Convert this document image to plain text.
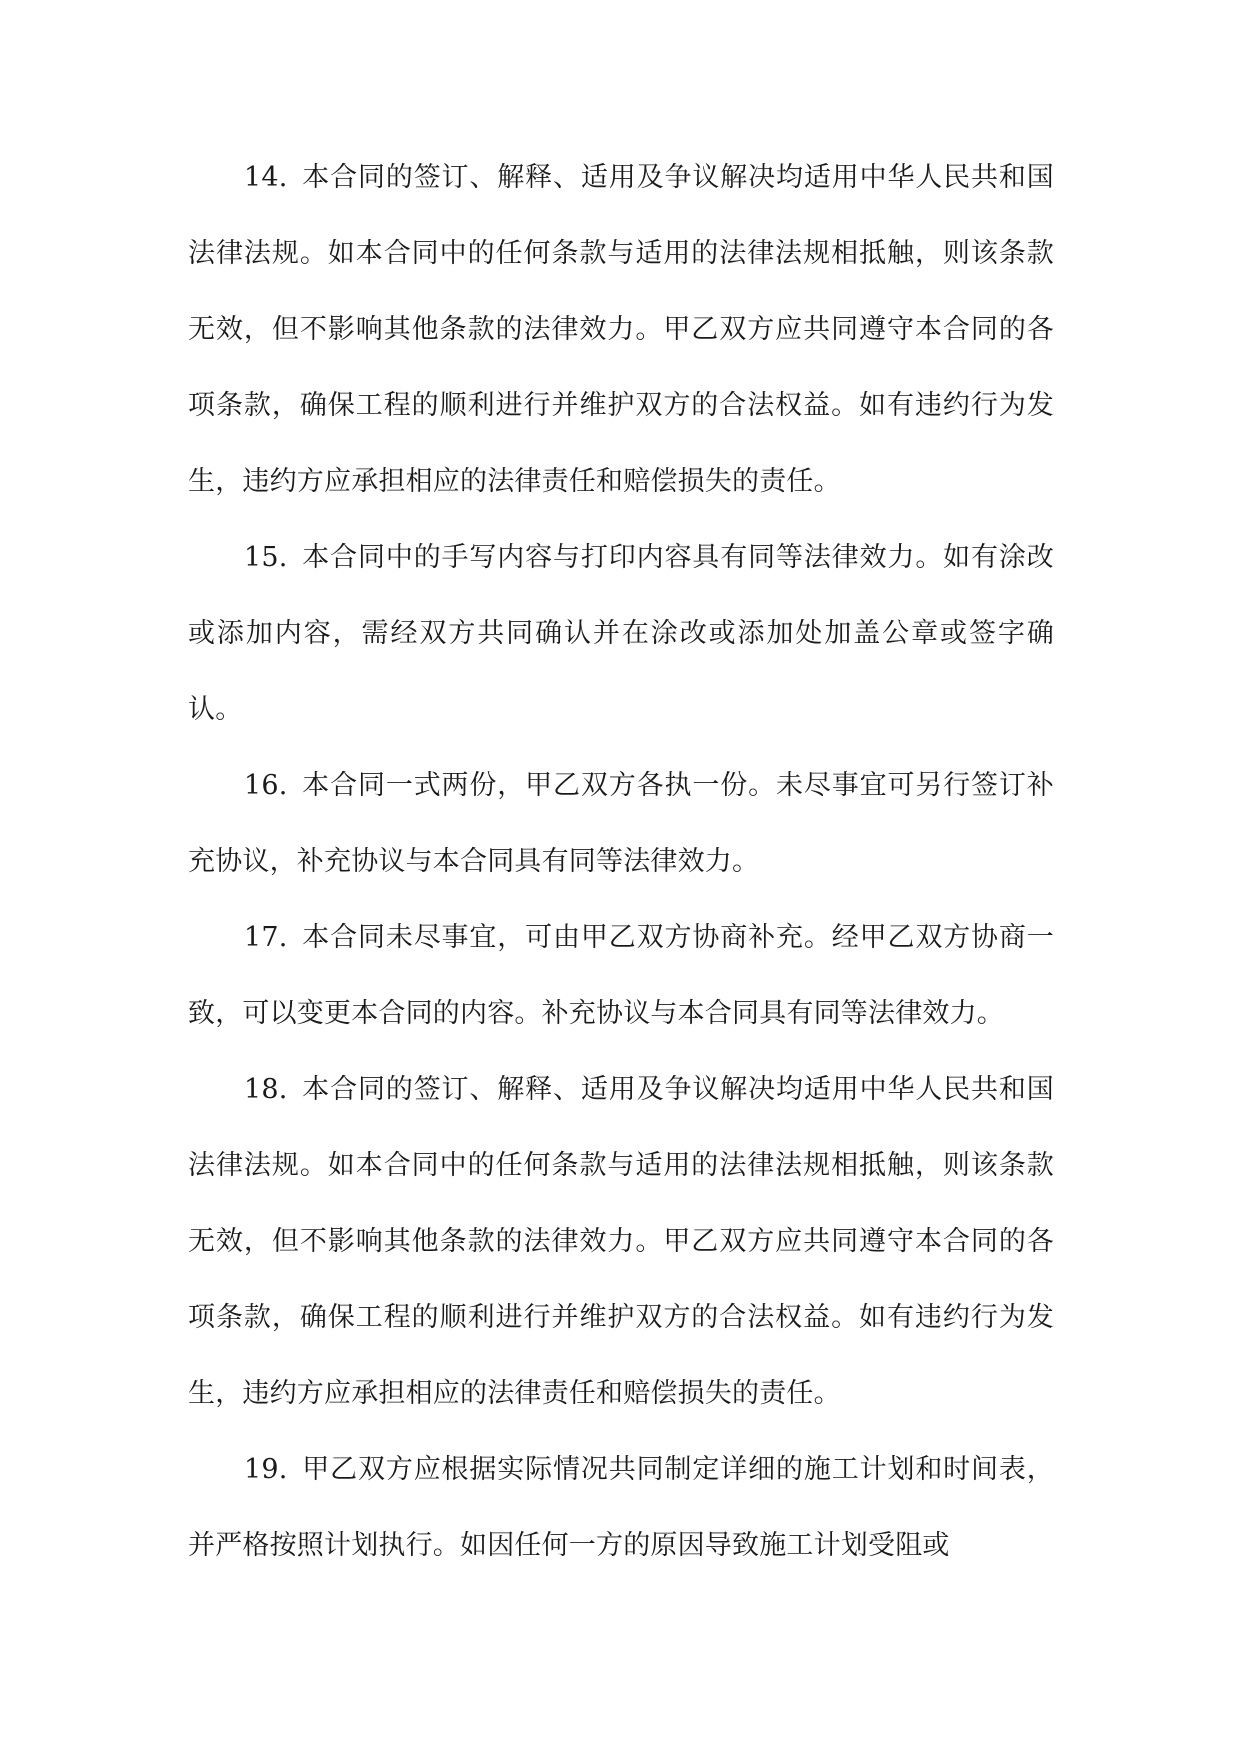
14. 本合同的签订、解释、适用及争议解决均适用中华人民共和国法律法规。如本合同中的任何条款与适用的法律法规相抵触，则该条款无效，但不影响其他条款的法律效力。甲乙双方应共同遵守本合同的各项条款，确保工程的顺利进行并维护双方的合法权益。如有违约行为发生，违约方应承担相应的法律责任和赔偿损失的责任。

15. 本合同中的手写内容与打印内容具有同等法律效力。如有涂改或添加内容，需经双方共同确认并在涂改或添加处加盖公章或签字确认。

16. 本合同一式两份，甲乙双方各执一份。未尽事宜可另行签订补充协议，补充协议与本合同具有同等法律效力。

17. 本合同未尽事宜，可由甲乙双方协商补充。经甲乙双方协商一致，可以变更本合同的内容。补充协议与本合同具有同等法律效力。

18. 本合同的签订、解释、适用及争议解决均适用中华人民共和国法律法规。如本合同中的任何条款与适用的法律法规相抵触，则该条款无效，但不影响其他条款的法律效力。甲乙双方应共同遵守本合同的各项条款，确保工程的顺利进行并维护双方的合法权益。如有违约行为发生，违约方应承担相应的法律责任和赔偿损失的责任。

19. 甲乙双方应根据实际情况共同制定详细的施工计划和时间表，并严格按照计划执行。如因任何一方的原因导致施工计划受阻或
